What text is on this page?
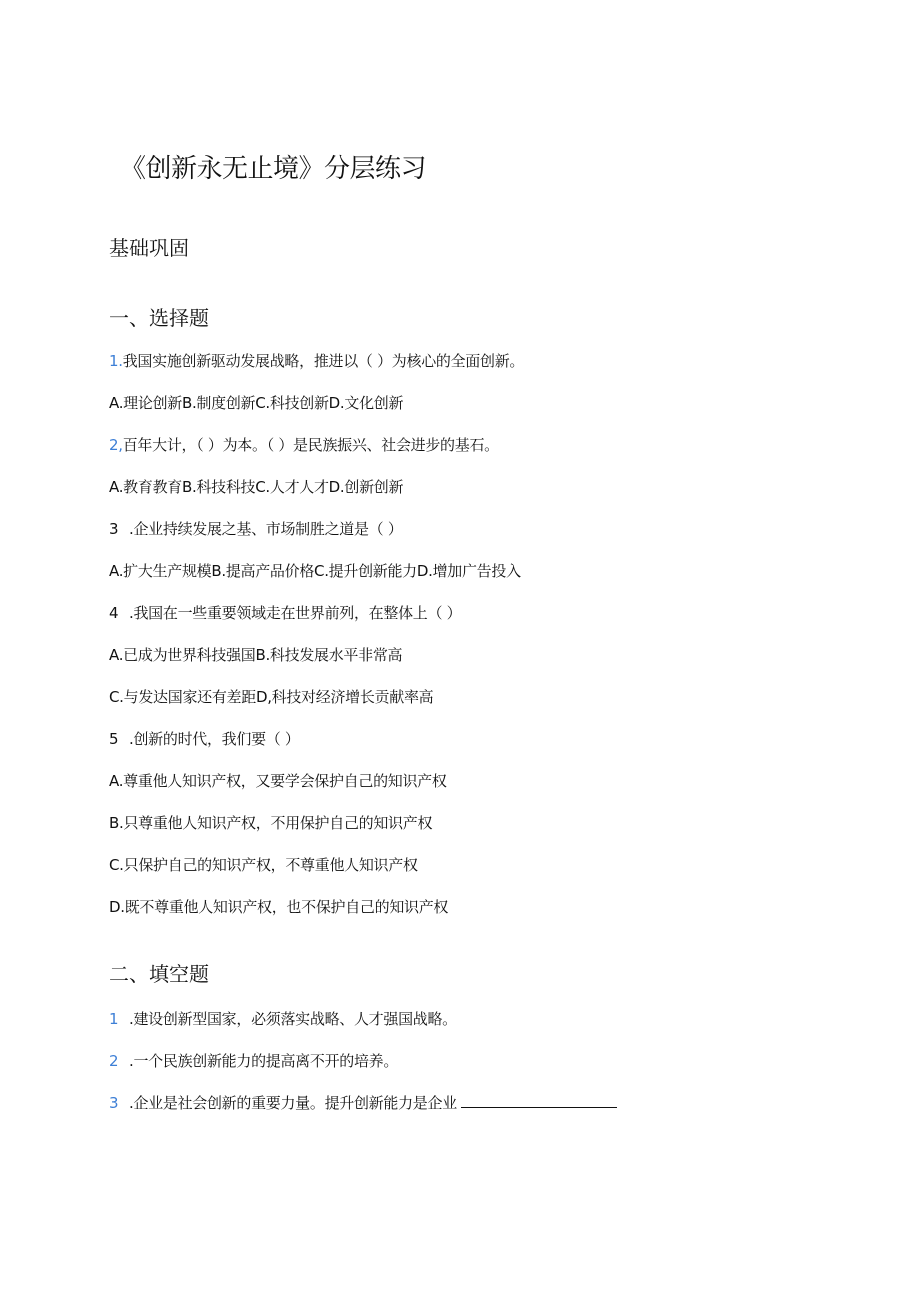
《创新永无止境》分层练习
基础巩固
一、选择题
1.我国实施创新驱动发展战略，推进以（ ）为核心的全面创新。
A.理论创新B.制度创新C.科技创新D.文化创新
2,百年大计，（ ）为本。（ ）是民族振兴、社会进步的基石。
A.教育教育B.科技科技C.人才人才D.创新创新
3 .企业持续发展之基、市场制胜之道是（ ）
A.扩大生产规模B.提高产品价格C.提升创新能力D.增加广告投入
4 .我国在一些重要领域走在世界前列，在整体上（ ）
A.已成为世界科技强国B.科技发展水平非常高
C.与发达国家还有差距D,科技对经济增长贡献率高
5 .创新的时代，我们要（ ）
A.尊重他人知识产权，又要学会保护自己的知识产权
B.只尊重他人知识产权，不用保护自己的知识产权
C.只保护自己的知识产权，不尊重他人知识产权
D.既不尊重他人知识产权，也不保护自己的知识产权
二、填空题
1 .建设创新型国家，必须落实战略、人才强国战略。
2 .一个民族创新能力的提高离不开的培养。
3 .企业是社会创新的重要力量。提升创新能力是企业
